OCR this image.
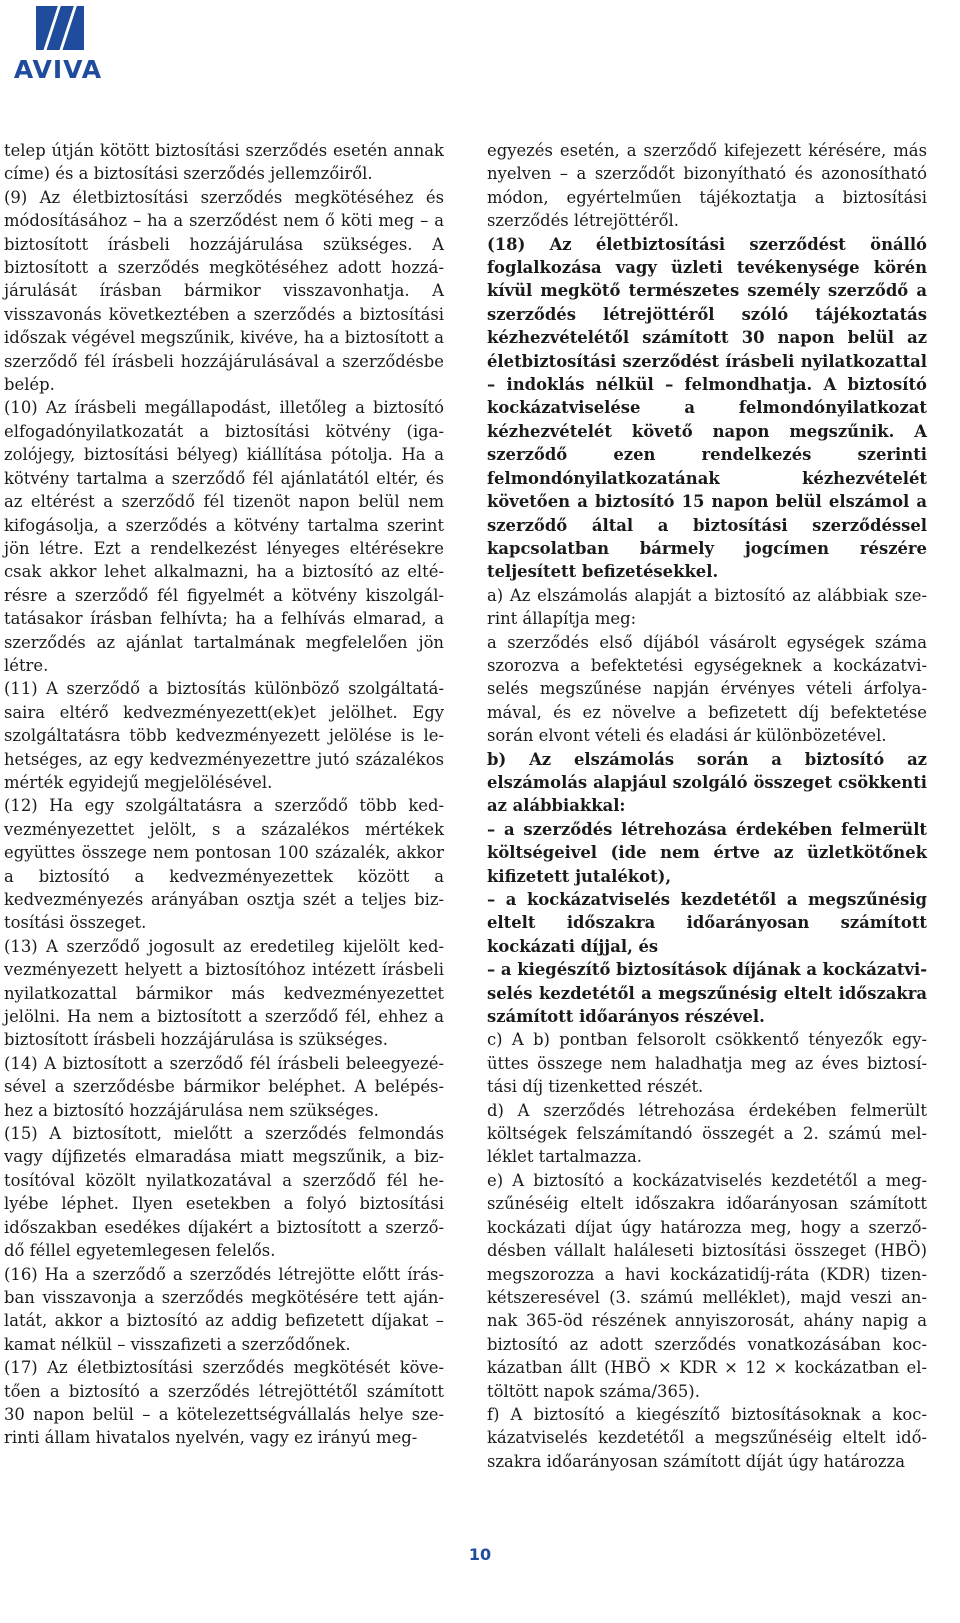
AVIVA

telep útján kötött biztosítási szerződés esetén annak címe) és a biztosítási szerződés jellemzőiről.

(9) Az életbiztosítási szerződés megkötéséhez és módosításához – ha a szerződést nem ő köti meg – a biztosított írásbeli hozzájárulása szükséges. A biztosított a szerződés megkötéséhez adott hozzájárulását írásban bármikor visszavonhatja. A visszavonás következtében a szerződés a biztosítási időszak végével megszűnik, kivéve, ha a biztosított a szerződő fél írásbeli hozzájárulásával a szerződésbe belép.

(10) Az írásbeli megállapodást, illetőleg a biztosító elfogadónyilatkozatát a biztosítási kötvény (igazolójegy, biztosítási bélyeg) kiállítása pótolja. Ha a kötvény tartalma a szerződő fél ajánlatától eltér, és az eltérést a szerződő fél tizenöt napon belül nem kifogásolja, a szerződés a kötvény tartalma szerint jön létre. Ezt a rendelkezést lényeges eltérésekre csak akkor lehet alkalmazni, ha a biztosító az eltérésre a szerződő fél figyelmét a kötvény kiszolgáltatásakor írásban felhívta; ha a felhívás elmarad, a szerződés az ajánlat tartalmának megfelelően jön létre.

(11) A szerződő a biztosítás különböző szolgáltatásaira eltérő kedvezményezett(ek)et jelölhet. Egy szolgáltatásra több kedvezményezett jelölése is lehetséges, az egy kedvezményezettre jutó százalékos mérték egyidejű megjelölésével.

(12) Ha egy szolgáltatásra a szerződő több kedvezményezettet jelölt, s a százalékos mértékek együttes összege nem pontosan 100 százalék, akkor a biztosító a kedvezményezettek között a kedvezményezés arányában osztja szét a teljes biztosítási összeget.

(13) A szerződő jogosult az eredetileg kijelölt kedvezményezett helyett a biztosítóhoz intézett írásbeli nyilatkozattal bármikor más kedvezményezettet jelölni. Ha nem a biztosított a szerződő fél, ehhez a biztosított írásbeli hozzájárulása is szükséges.

(14) A biztosított a szerződő fél írásbeli beleegyezésével a szerződésbe bármikor beléphet. A belépéshez a biztosító hozzájárulása nem szükséges.

(15) A biztosított, mielőtt a szerződés felmondás vagy díjfizetés elmaradása miatt megszűnik, a biztosítóval közölt nyilatkozatával a szerződő fél helyébe léphet. Ilyen esetekben a folyó biztosítási időszakban esedékes díjakért a biztosított a szerződő féllel egyetemlegesen felelős.

(16) Ha a szerződő a szerződés létrejötte előtt írásban visszavonja a szerződés megkötésére tett ajánlatát, akkor a biztosító az addig befizetett díjakat – kamat nélkül – visszafizeti a szerződőnek.

(17) Az életbiztosítási szerződés megkötését követően a biztosító a szerződés létrejöttétől számított 30 napon belül – a kötelezettségvállalás helye szerinti állam hivatalos nyelvén, vagy ez irányú meg-

egyezés esetén, a szerződő kifejezett kérésére, más nyelven – a szerződőt bizonyítható és azonosítható módon, egyértelműen tájékoztatja a biztosítási szerződés létrejöttéről.

(18) Az életbiztosítási szerződést önálló foglalkozása vagy üzleti tevékenysége körén kívül megkötő természetes személy szerződő a szerződés létrejöttéről szóló tájékoztatás kézhezvételétől számított 30 napon belül az életbiztosítási szerződést írásbeli nyilatkozattal – indoklás nélkül – felmondhatja. A biztosító kockázatviselése a felmondónyilatkozat kézhezvételét követő napon megszűnik. A szerződő ezen rendelkezés szerinti felmondónyilatkozatának kézhezvételét követően a biztosító 15 napon belül elszámol a szerződő által a biztosítási szerződéssel kapcsolatban bármely jogcímen részére teljesített befizetésekkel.

a) Az elszámolás alapját a biztosító az alábbiak szerint állapítja meg:

a szerződés első díjából vásárolt egységek száma szorozva a befektetési egységeknek a kockázatviselés megszűnése napján érvényes vételi árfolyamával, és ez növelve a befizetett díj befektetése során elvont vételi és eladási ár különbözetével.

b) Az elszámolás során a biztosító az elszámolás alapjául szolgáló összeget csökkenti az alábbiakkal:

– a szerződés létrehozása érdekében felmerült költségeivel (ide nem értve az üzletkötőnek kifizetett jutalékot),

– a kockázatviselés kezdetétől a megszűnésig eltelt időszakra időarányosan számított kockázati díjjal, és

– a kiegészítő biztosítások díjának a kockázatviselés kezdetétől a megszűnésig eltelt időszakra számított időarányos részével.

c) A b) pontban felsorolt csökkentő tényezők együttes összege nem haladhatja meg az éves biztosítási díj tizenketted részét.

d) A szerződés létrehozása érdekében felmerült költségek felszámítandó összegét a 2. számú melléklet tartalmazza.

e) A biztosító a kockázatviselés kezdetétől a megszűnéséig eltelt időszakra időarányosan számított kockázati díjat úgy határozza meg, hogy a szerződésben vállalt haláleseti biztosítási összeget (HBÖ) megszorozza a havi kockázatidíj-ráta (KDR) tizenkétszeresével (3. számú melléklet), majd veszi annak 365-öd részének annyiszorosát, ahány napig a biztosító az adott szerződés vonatkozásában kockázatban állt (HBÖ × KDR × 12 × kockázatban eltöltött napok száma/365).

f) A biztosító a kiegészítő biztosításoknak a kockázatviselés kezdetétől a megszűnéséig eltelt időszakra időarányosan számított díját úgy határozza

10
